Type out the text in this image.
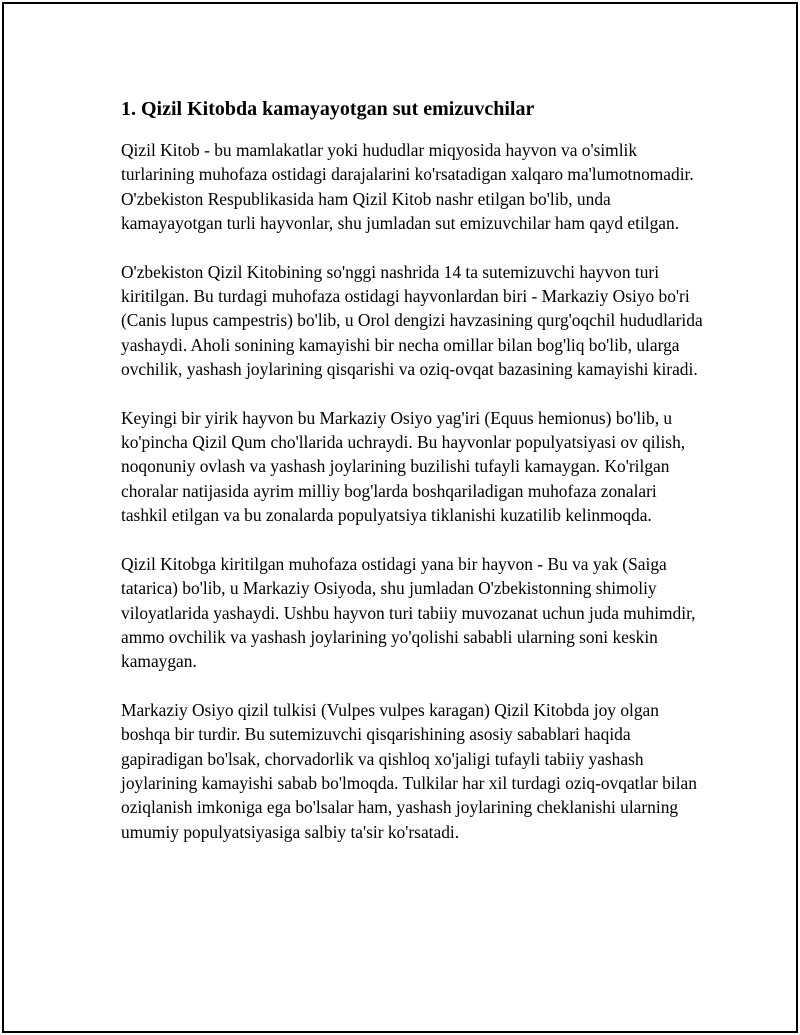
1. Qizil Kitobda kamayayotgan sut emizuvchilar

Qizil Kitob - bu mamlakatlar yoki hududlar miqyosida hayvon va o'simlik turlarining muhofaza ostidagi darajalarini ko'rsatadigan xalqaro ma'lumotnomadir. O'zbekiston Respublikasida ham Qizil Kitob nashr etilgan bo'lib, unda kamayayotgan turli hayvonlar, shu jumladan sut emizuvchilar ham qayd etilgan.

O'zbekiston Qizil Kitobining so'nggi nashrida 14 ta sutemizuvchi hayvon turi kiritilgan. Bu turdagi muhofaza ostidagi hayvonlardan biri - Markaziy Osiyo bo'ri (Canis lupus campestris) bo'lib, u Orol dengizi havzasining qurg'oqchil hududlarida yashaydi. Aholi sonining kamayishi bir necha omillar bilan bog'liq bo'lib, ularga ovchilik, yashash joylarining qisqarishi va oziq-ovqat bazasining kamayishi kiradi.

Keyingi bir yirik hayvon bu Markaziy Osiyo yag'iri (Equus hemionus) bo'lib, u ko'pincha Qizil Qum cho'llarida uchraydi. Bu hayvonlar populyatsiyasi ov qilish, noqonuniy ovlash va yashash joylarining buzilishi tufayli kamaygan. Ko'rilgan choralar natijasida ayrim milliy bog'larda boshqariladigan muhofaza zonalari tashkil etilgan va bu zonalarda populyatsiya tiklanishi kuzatilib kelinmoqda.

Qizil Kitobga kiritilgan muhofaza ostidagi yana bir hayvon - Bu va yak (Saiga tatarica) bo'lib, u Markaziy Osiyoda, shu jumladan O'zbekistonning shimoliy viloyatlarida yashaydi. Ushbu hayvon turi tabiiy muvozanat uchun juda muhimdir, ammo ovchilik va yashash joylarining yo'qolishi sababli ularning soni keskin kamaygan.

Markaziy Osiyo qizil tulkisi (Vulpes vulpes karagan) Qizil Kitobda joy olgan boshqa bir turdir. Bu sutemizuvchi qisqarishining asosiy sabablari haqida gapiradigan bo'lsak, chorvadorlik va qishloq xo'jaligi tufayli tabiiy yashash joylarining kamayishi sabab bo'lmoqda. Tulkilar har xil turdagi oziq-ovqatlar bilan oziqlanish imkoniga ega bo'lsalar ham, yashash joylarining cheklanishi ularning umumiy populyatsiyasiga salbiy ta'sir ko'rsatadi.
